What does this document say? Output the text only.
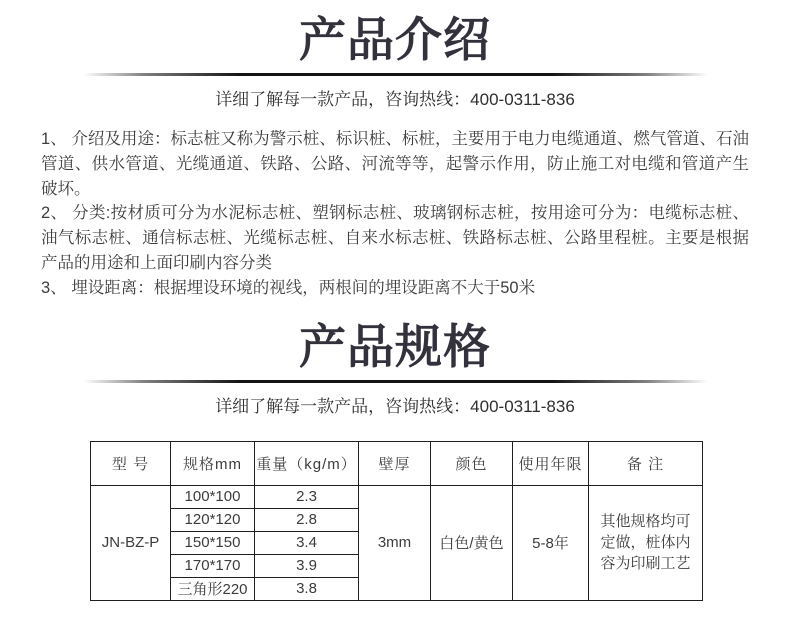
产品介绍
详细了解每一款产品，咨询热线：400-0311-836

1、 介绍及用途：标志桩又称为警示桩、标识桩、标桩，主要用于电力电缆通道、燃气管道、石油管道、供水管道、光缆通道、铁路、公路、河流等等，起警示作用，防止施工对电缆和管道产生破坏。

2、 分类:按材质可分为水泥标志桩、塑钢标志桩、玻璃钢标志桩，按用途可分为：电缆标志桩、油气标志桩、通信标志桩、光缆标志桩、自来水标志桩、铁路标志桩、公路里程桩。主要是根据产品的用途和上面印刷内容分类

3、 埋设距离：根据埋设环境的视线，两根间的埋设距离不大于50米

产品规格
详细了解每一款产品，咨询热线：400-0311-836
型 号	规格mm	重量（kg/m）	壁厚	颜色	使用年限	备 注
JN-BZ-P	100*100	2.3	3mm	白色/黄色	5-8年	其他规格均可定做，桩体内容为印刷工艺
	120*120	2.8				
	150*150	3.4				
	170*170	3.9				
	三角形220	3.8				
